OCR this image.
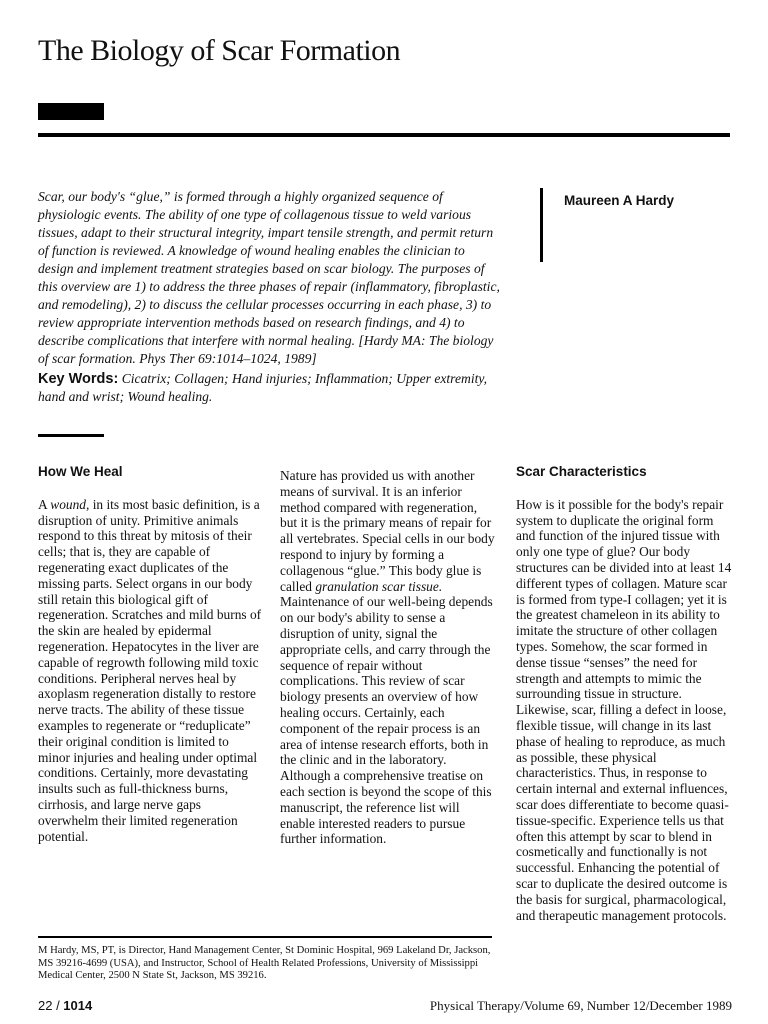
The Biology of Scar Formation

Scar, our body's “glue,” is formed through a highly organized sequence of physiologic events. The ability of one type of collagenous tissue to weld various tissues, adapt to their structural integrity, impart tensile strength, and permit return of function is reviewed. A knowledge of wound healing enables the clinician to design and implement treatment strategies based on scar biology. The purposes of this overview are 1) to address the three phases of repair (inflammatory, fibroplastic, and remodeling), 2) to discuss the cellular processes occurring in each phase, 3) to review appropriate intervention methods based on research findings, and 4) to describe complications that interfere with normal healing. [Hardy MA: The biology of scar formation. Phys Ther 69:1014–1024, 1989]

Maureen A Hardy

Key Words: Cicatrix; Collagen; Hand injuries; Inflammation; Upper extremity, hand and wrist; Wound healing.

How We Heal

A wound, in its most basic definition, is a disruption of unity. Primitive animals respond to this threat by mitosis of their cells; that is, they are capable of regenerating exact duplicates of the missing parts. Select organs in our body still retain this biological gift of regeneration. Scratches and mild burns of the skin are healed by epidermal regeneration. Hepatocytes in the liver are capable of regrowth following mild toxic conditions. Peripheral nerves heal by axoplasm regeneration distally to restore nerve tracts. The ability of these tissue examples to regenerate or “reduplicate” their original condition is limited to minor injuries and healing under optimal conditions. Certainly, more devastating insults such as full-thickness burns, cirrhosis, and large nerve gaps overwhelm their limited regeneration potential.

Nature has provided us with another means of survival. It is an inferior method compared with regeneration, but it is the primary means of repair for all vertebrates. Special cells in our body respond to injury by forming a collagenous “glue.” This body glue is called granulation scar tissue. Maintenance of our well-being depends on our body's ability to sense a disruption of unity, signal the appropriate cells, and carry through the sequence of repair without complications. This review of scar biology presents an overview of how healing occurs. Certainly, each component of the repair process is an area of intense research efforts, both in the clinic and in the laboratory. Although a comprehensive treatise on each section is beyond the scope of this manuscript, the reference list will enable interested readers to pursue further information.

Scar Characteristics

How is it possible for the body's repair system to duplicate the original form and function of the injured tissue with only one type of glue? Our body structures can be divided into at least 14 different types of collagen. Mature scar is formed from type-I collagen; yet it is the greatest chameleon in its ability to imitate the structure of other collagen types. Somehow, the scar formed in dense tissue “senses” the need for strength and attempts to mimic the surrounding tissue in structure. Likewise, scar, filling a defect in loose, flexible tissue, will change in its last phase of healing to reproduce, as much as possible, these physical characteristics. Thus, in response to certain internal and external influences, scar does differentiate to become quasi-tissue-specific. Experience tells us that often this attempt by scar to blend in cosmetically and functionally is not successful. Enhancing the potential of scar to duplicate the desired outcome is the basis for surgical, pharmacological, and therapeutic management protocols.

M Hardy, MS, PT, is Director, Hand Management Center, St Dominic Hospital, 969 Lakeland Dr, Jackson, MS 39216-4699 (USA), and Instructor, School of Health Related Professions, University of Mississippi Medical Center, 2500 N State St, Jackson, MS 39216.

22 / 1014	Physical Therapy/Volume 69, Number 12/December 1989
